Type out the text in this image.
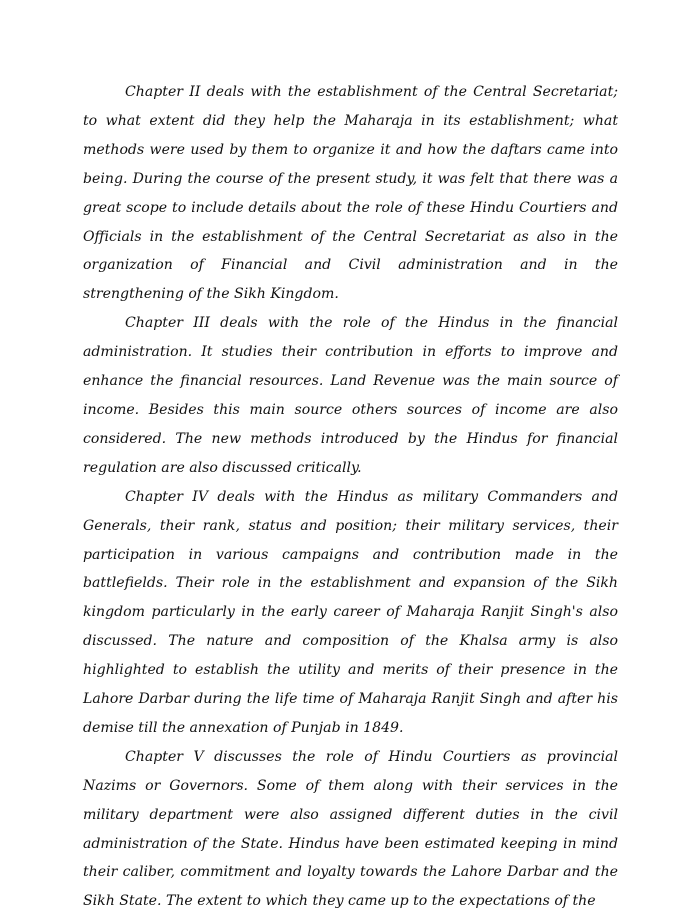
Chapter II deals with the establishment of the Central Secretariat; to what extent did they help the Maharaja in its establishment; what methods were used by them to organize it and how the daftars came into being. During the course of the present study, it was felt that there was a great scope to include details about the role of these Hindu Courtiers and Officials in the establishment of the Central Secretariat as also in the organization of Financial and Civil administration and in the strengthening of the Sikh Kingdom.

Chapter III deals with the role of the Hindus in the financial administration. It studies their contribution in efforts to improve and enhance the financial resources. Land Revenue was the main source of income. Besides this main source others sources of income are also considered. The new methods introduced by the Hindus for financial regulation are also discussed critically.

Chapter IV deals with the Hindus as military Commanders and Generals, their rank, status and position; their military services, their participation in various campaigns and contribution made in the battlefields. Their role in the establishment and expansion of the Sikh kingdom particularly in the early career of Maharaja Ranjit Singh's also discussed. The nature and composition of the Khalsa army is also highlighted to establish the utility and merits of their presence in the Lahore Darbar during the life time of Maharaja Ranjit Singh and after his demise till the annexation of Punjab in 1849.

Chapter V discusses the role of Hindu Courtiers as provincial Nazims or Governors. Some of them along with their services in the military department were also assigned different duties in the civil administration of the State. Hindus have been estimated keeping in mind their caliber, commitment and loyalty towards the Lahore Darbar and the Sikh State. The extent to which they came up to the expectations of the
